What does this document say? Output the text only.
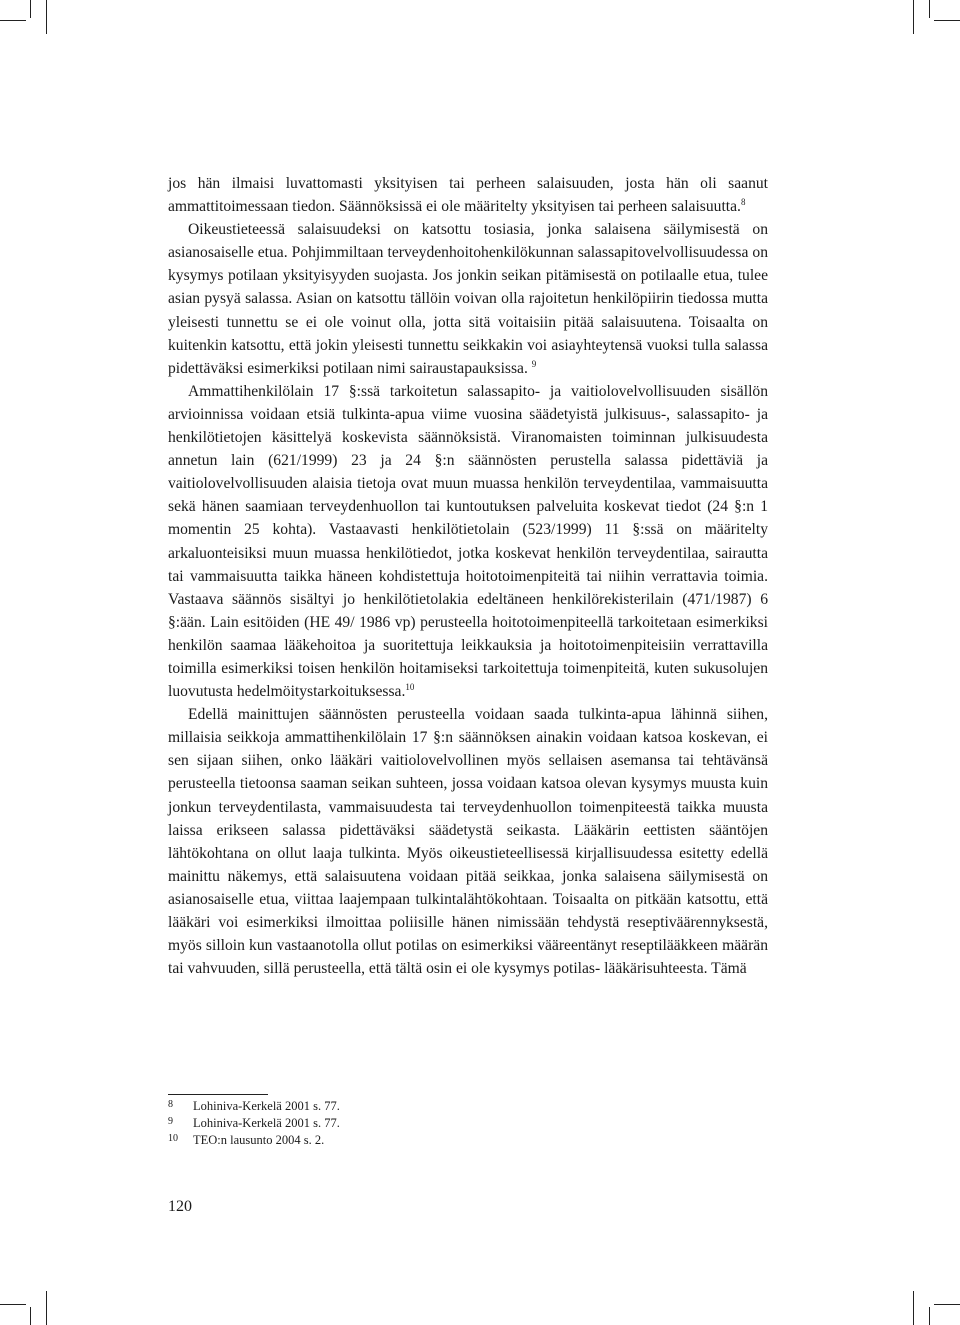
jos hän ilmaisi luvattomasti yksityisen tai perheen salaisuuden, josta hän oli saanut ammattitoimessaan tiedon. Säännöksissä ei ole määritelty yksityisen tai perheen salaisuutta.$^8$

Oikeustieteessä salaisuudeksi on katsottu tosiasia, jonka salaisena säilymisestä on asianosaiselle etua. Pohjimmiltaan terveydenhoitohenkilökunnan salassapitovelvollisuudessa on kysymys potilaan yksityisyyden suojasta. Jos jonkin seikan pitämisestä on potilaalle etua, tulee asian pysyä salassa. Asian on katsottu tällöin voivan olla rajoitetun henkilöpiirin tiedossa mutta yleisesti tunnettu se ei ole voinut olla, jotta sitä voitaisiin pitää salaisuutena. Toisaalta on kuitenkin katsottu, että jokin yleisesti tunnettu seikkakin voi asiayhteytensä vuoksi tulla salassa pidettäväksi esimerkiksi potilaan nimi sairaustapauksissa. $^9$

Ammattihenkilölain 17 §:ssä tarkoitetun salassapito- ja vaitiolovelvollisuuden sisällön arvioinnissa voidaan etsiä tulkinta-apua viime vuosina säädetyistä julkisuus-, salassapito- ja henkilötietojen käsittelyä koskevista säännöksistä. Viranomaisten toiminnan julkisuudesta annetun lain (621/1999) 23 ja 24 §:n säännösten perustella salassa pidettäviä ja vaitiolovelvollisuuden alaisia tietoja ovat muun muassa henkilön terveydentilaa, vammaisuutta sekä hänen saamiaan terveydenhuollon tai kuntoutuksen palveluita koskevat tiedot (24 §:n 1 momentin 25 kohta). Vastaavasti henkilötietolain (523/1999) 11 §:ssä on määritelty arkaluonteisiksi muun muassa henkilötiedot, jotka koskevat henkilön terveydentilaa, sairautta tai vammaisuutta taikka häneen kohdistettuja hoitotoimenpiteitä tai niihin verrattavia toimia. Vastaava säännös sisältyi jo henkilötietolakia edeltäneen henkilörekisterilain (471/1987) 6 §:ään. Lain esitöiden (HE 49/ 1986 vp) perusteella hoitotoimenpiteellä tarkoitetaan esimerkiksi henkilön saamaa lääkehoitoa ja suoritettuja leikkauksia ja hoitotoimenpiteisiin verrattavilla toimilla esimerkiksi toisen henkilön hoitamiseksi tarkoitettuja toimenpiteitä, kuten sukusolujen luovutusta hedelmöitystarkoituksessa.$^{10}$

Edellä mainittujen säännösten perusteella voidaan saada tulkinta-apua lähinnä siihen, millaisia seikkoja ammattihenkilölain 17 §:n säännöksen ainakin voidaan katsoa koskevan, ei sen sijaan siihen, onko lääkäri vaitiolovelvollinen myös sellaisen asemansa tai tehtävänsä perusteella tietoonsa saaman seikan suhteen, jossa voidaan katsoa olevan kysymys muusta kuin jonkun terveydentilasta, vammaisuudesta tai terveydenhuollon toimenpiteestä taikka muusta laissa erikseen salassa pidettäväksi säädetystä seikasta. Lääkärin eettisten sääntöjen lähtökohtana on ollut laaja tulkinta. Myös oikeustieteellisessä kirjallisuudessa esitetty edellä mainittu näkemys, että salaisuutena voidaan pitää seikkaa, jonka salaisena säilymisestä on asianosaiselle etua, viittaa laajempaan tulkintalähtökohtaan. Toisaalta on pitkään katsottu, että lääkäri voi esimerkiksi ilmoittaa poliisille hänen nimissään tehdystä reseptiväärennyksestä, myös silloin kun vastaanotolla ollut potilas on esimerkiksi vääreentänyt reseptilääkkeen määrän tai vahvuuden, sillä perusteella, että tältä osin ei ole kysymys potilas- lääkärisuhteesta. Tämä

8	Lohiniva-Kerkelä 2001 s. 77.
9	Lohiniva-Kerkelä 2001 s. 77.
10	TEO:n lausunto 2004 s. 2.
120
